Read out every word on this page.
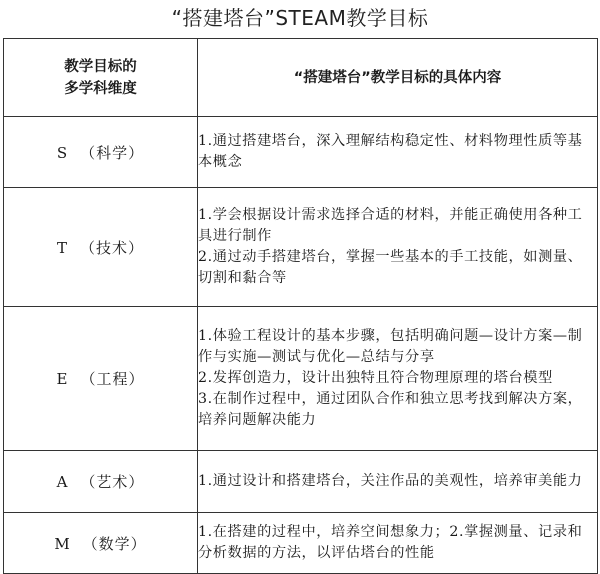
“搭建塔台”STEAM教学目标
教学目标的
多学科维度	“搭建塔台”教学目标的具体内容
S （科学）	1.通过搭建塔台，深入理解结构稳定性、材料物理性质等基本概念

T （技术）	1.学会根据设计需求选择合适的材料，并能正确使用各种工具进行制作
2.通过动手搭建塔台，掌握一些基本的手工技能，如测量、切割和黏合等

E （工程）	1.体验工程设计的基本步骤，包括明确问题—设计方案—制作与实施—测试与优化—总结与分享
2.发挥创造力，设计出独特且符合物理原理的塔台模型
3.在制作过程中，通过团队合作和独立思考找到解决方案，培养问题解决能力

A （艺术）	1.通过设计和搭建塔台，关注作品的美观性，培养审美能力

M （数学）	1.在搭建的过程中，培养空间想象力；2.掌握测量、记录和分析数据的方法，以评估塔台的性能
